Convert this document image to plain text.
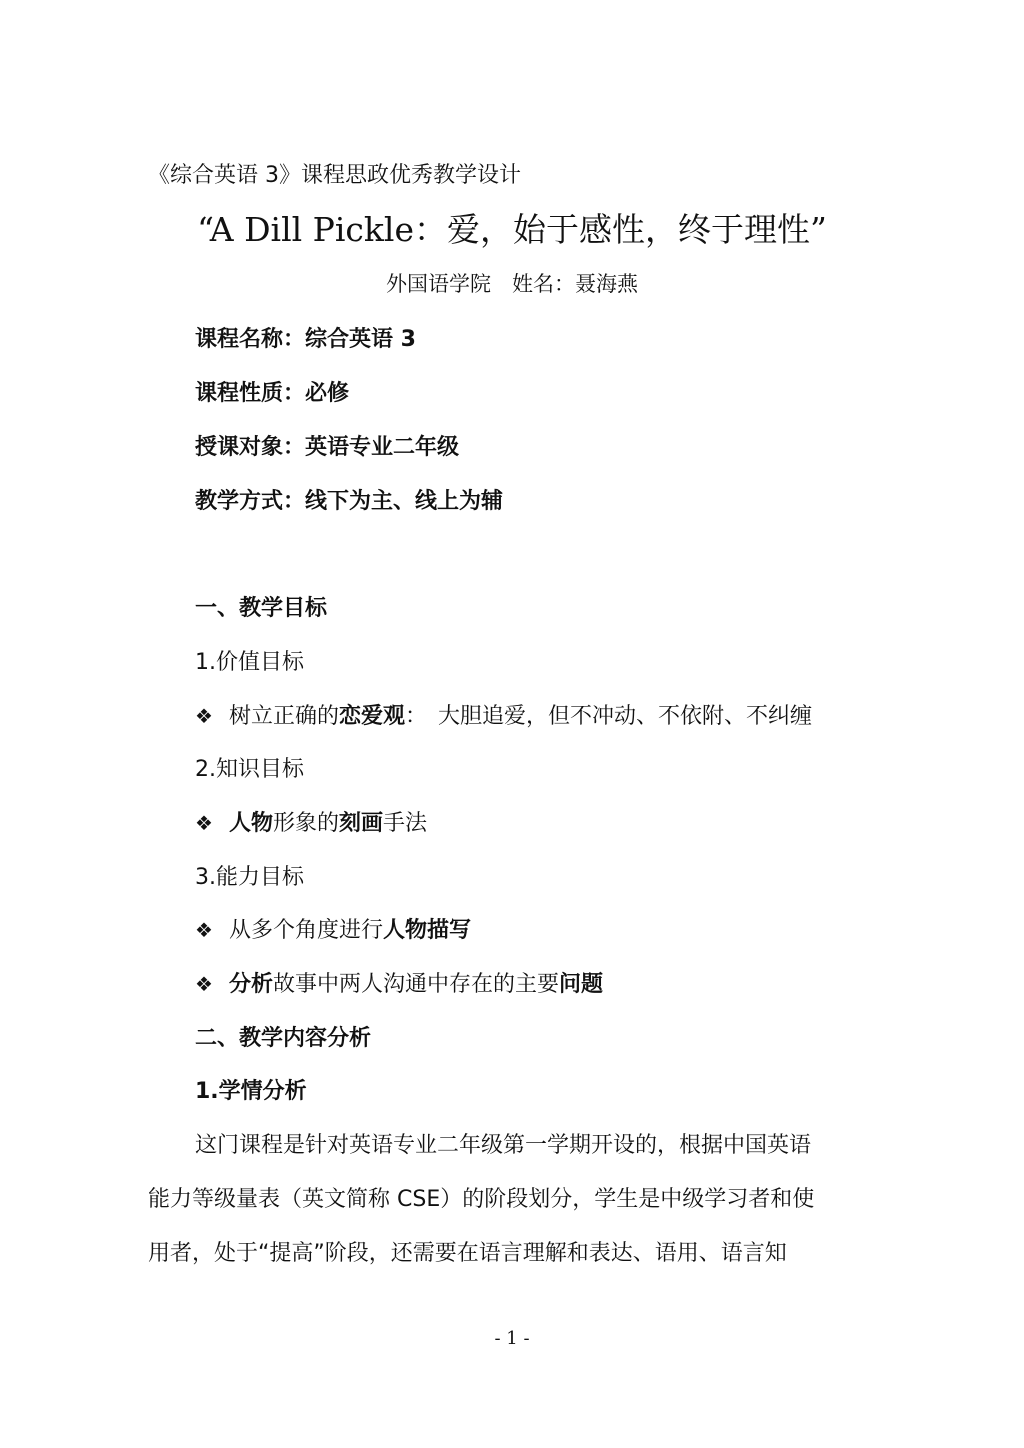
《综合英语 3》课程思政优秀教学设计
“A Dill Pickle：爱，始于感性，终于理性”
外国语学院　姓名：聂海燕
课程名称：综合英语 3
课程性质：必修
授课对象：英语专业二年级
教学方式：线下为主、线上为辅
一、教学目标
1.价值目标
❖ 树立正确的恋爱观：　大胆追爱，但不冲动、不依附、不纠缠
2.知识目标
❖ 人物形象的刻画手法
3.能力目标
❖ 从多个角度进行人物描写
❖ 分析故事中两人沟通中存在的主要问题
二、教学内容分析
1.学情分析
这门课程是针对英语专业二年级第一学期开设的，根据中国英语
能力等级量表（英文简称 CSE）的阶段划分，学生是中级学习者和使
用者，处于“提高”阶段，还需要在语言理解和表达、语用、语言知
- 1 -
